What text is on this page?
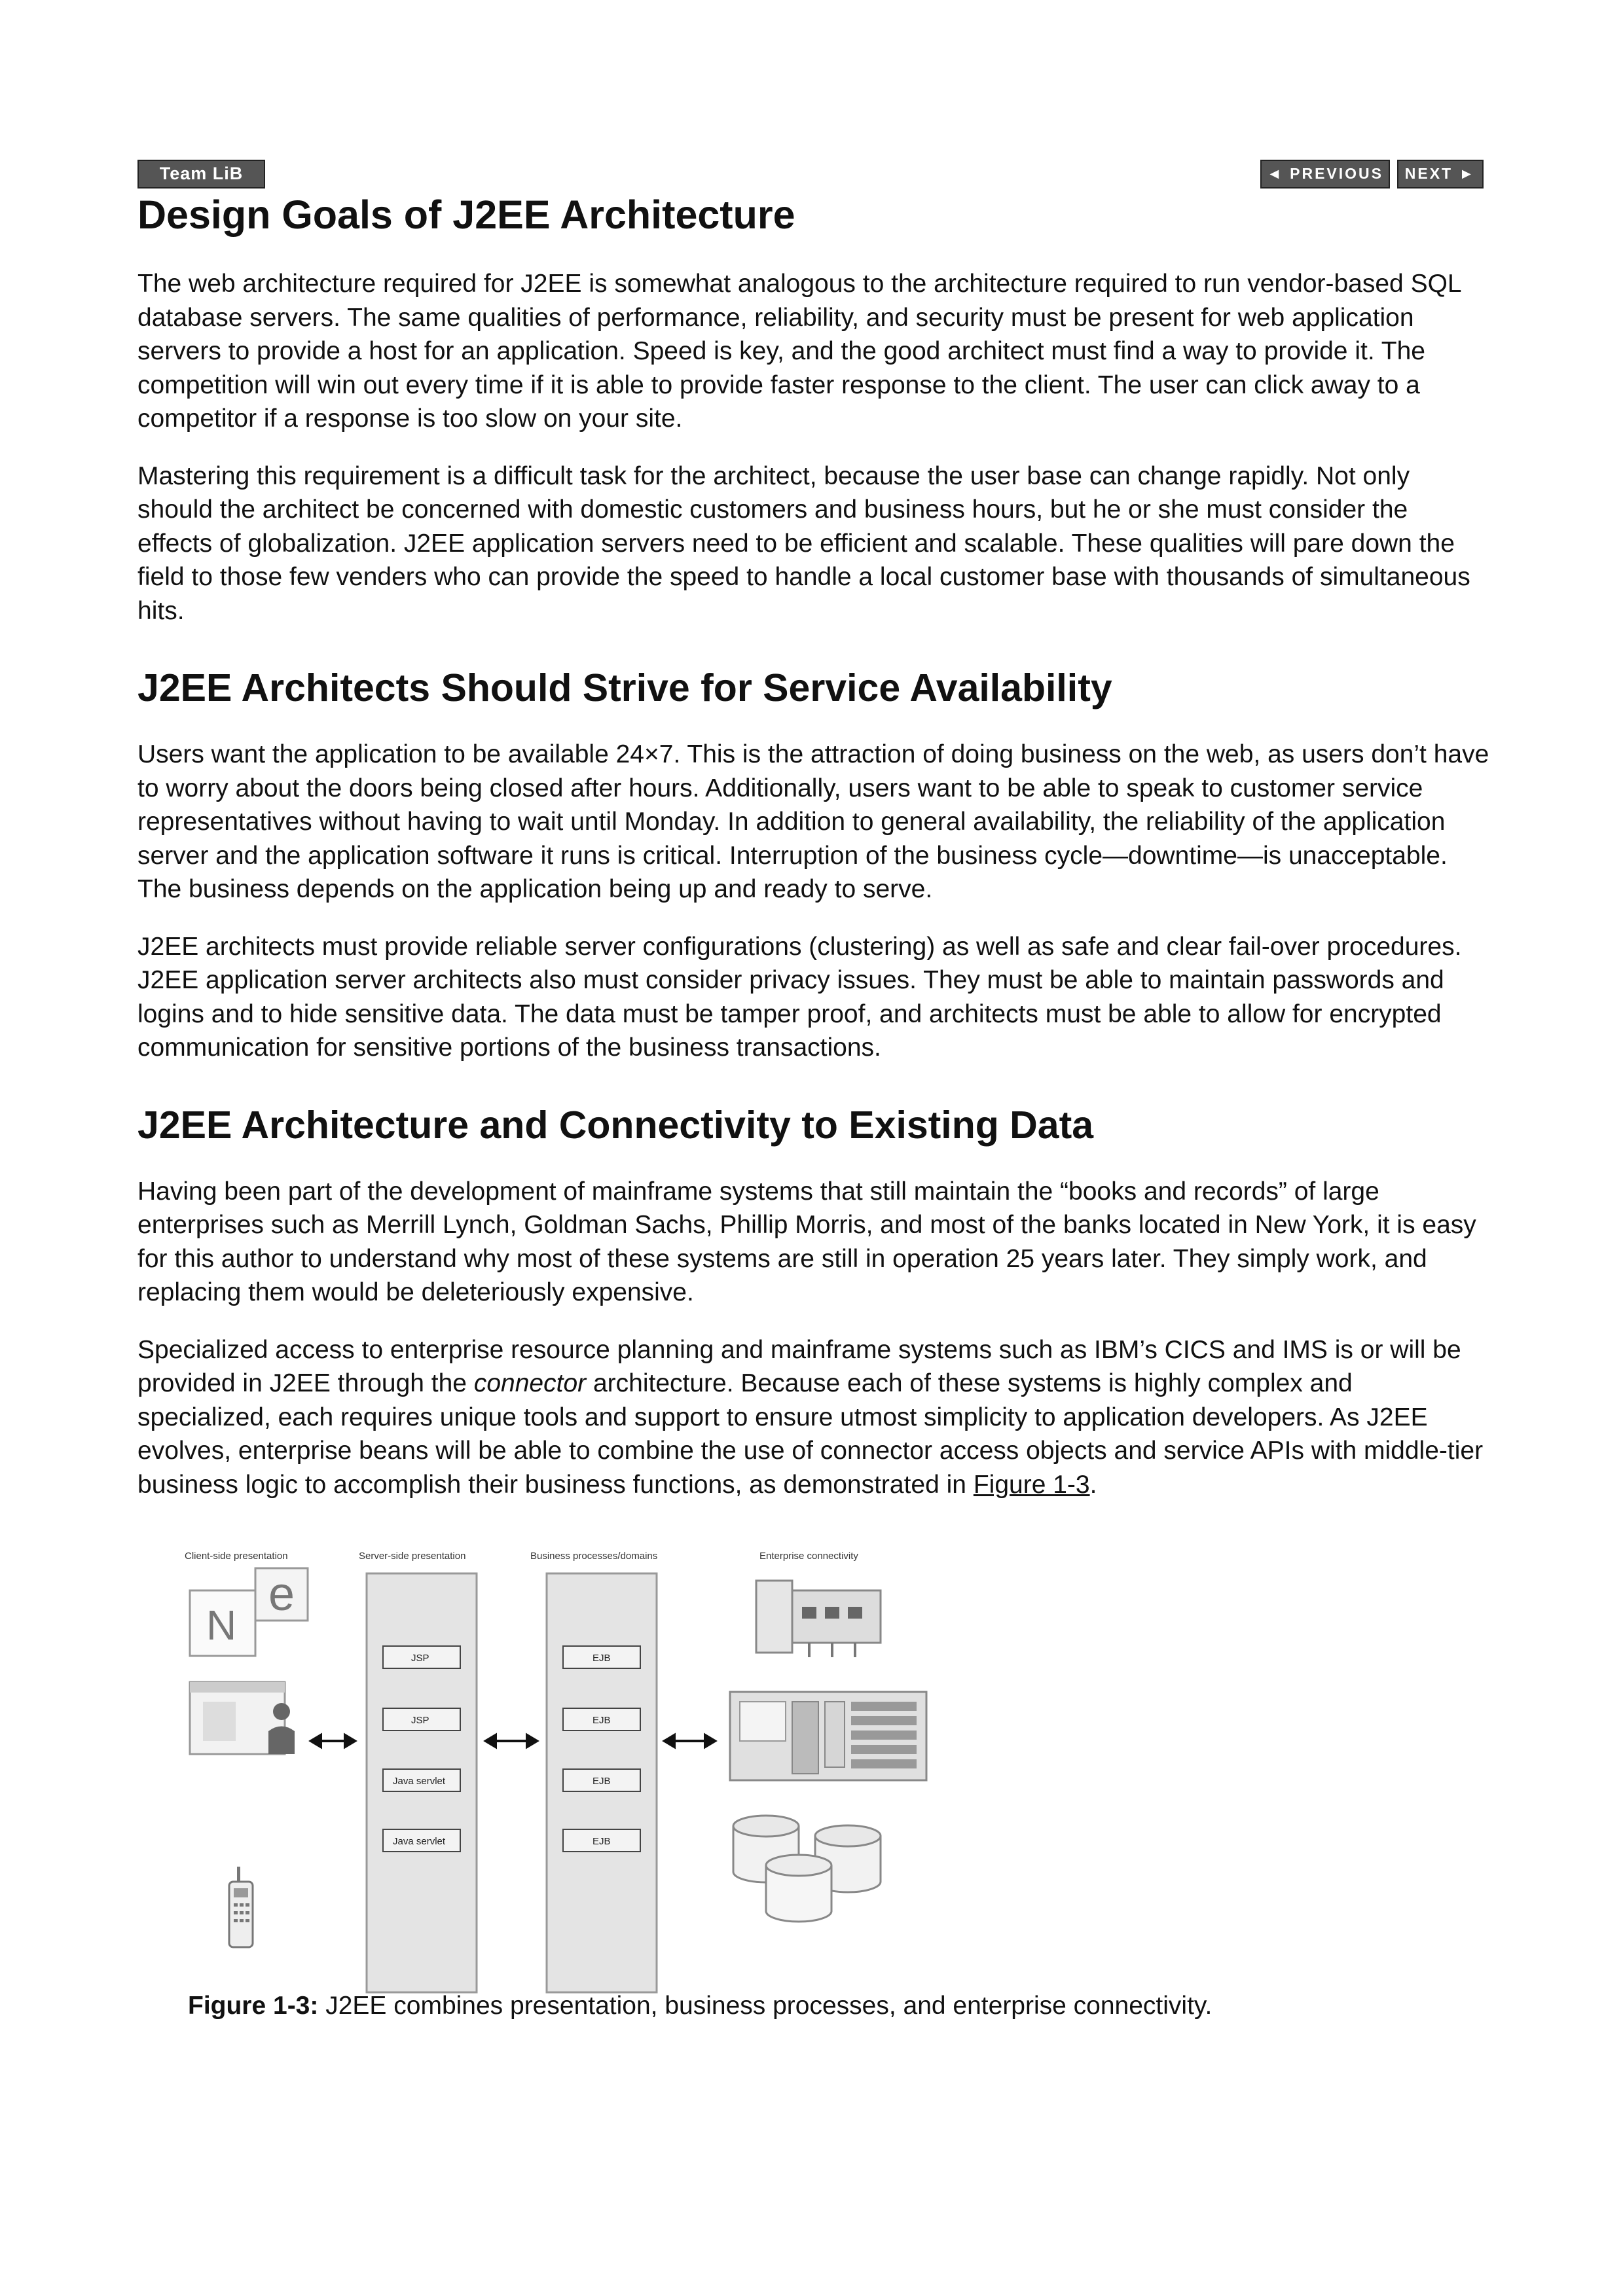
Team LiB	◄ PREVIOUS	NEXT ►
Design Goals of J2EE Architecture

The web architecture required for J2EE is somewhat analogous to the architecture required to run vendor-based SQL database servers. The same qualities of performance, reliability, and security must be present for web application servers to provide a host for an application. Speed is key, and the good architect must find a way to provide it. The competition will win out every time if it is able to provide faster response to the client. The user can click away to a competitor if a response is too slow on your site.

Mastering this requirement is a difficult task for the architect, because the user base can change rapidly. Not only should the architect be concerned with domestic customers and business hours, but he or she must consider the effects of globalization. J2EE application servers need to be efficient and scalable. These qualities will pare down the field to those few venders who can provide the speed to handle a local customer base with thousands of simultaneous hits.

J2EE Architects Should Strive for Service Availability

Users want the application to be available 24×7. This is the attraction of doing business on the web, as users don’t have to worry about the doors being closed after hours. Additionally, users want to be able to speak to customer service representatives without having to wait until Monday. In addition to general availability, the reliability of the application server and the application software it runs is critical. Interruption of the business cycle—downtime—is unacceptable. The business depends on the application being up and ready to serve.

J2EE architects must provide reliable server configurations (clustering) as well as safe and clear fail-over procedures. J2EE application server architects also must consider privacy issues. They must be able to maintain passwords and logins and to hide sensitive data. The data must be tamper proof, and architects must be able to allow for encrypted communication for sensitive portions of the business transactions.

J2EE Architecture and Connectivity to Existing Data

Having been part of the development of mainframe systems that still maintain the “books and records” of large enterprises such as Merrill Lynch, Goldman Sachs, Phillip Morris, and most of the banks located in New York, it is easy for this author to understand why most of these systems are still in operation 25 years later. They simply work, and replacing them would be deleteriously expensive.

Specialized access to enterprise resource planning and mainframe systems such as IBM’s CICS and IMS is or will be provided in J2EE through the connector architecture. Because each of these systems is highly complex and specialized, each requires unique tools and support to ensure utmost simplicity to application developers. As J2EE evolves, enterprise beans will be able to combine the use of connector access objects and service APIs with middle-tier business logic to accomplish their business functions, as demonstrated in Figure 1-3.

Client-side presentation	Server-side presentation	Business processes/domains	Enterprise connectivity
e
N
JSP
JSP
Java servlet
Java servlet
EJB
EJB
EJB
EJB
Figure 1-3: J2EE combines presentation, business processes, and enterprise connectivity.
